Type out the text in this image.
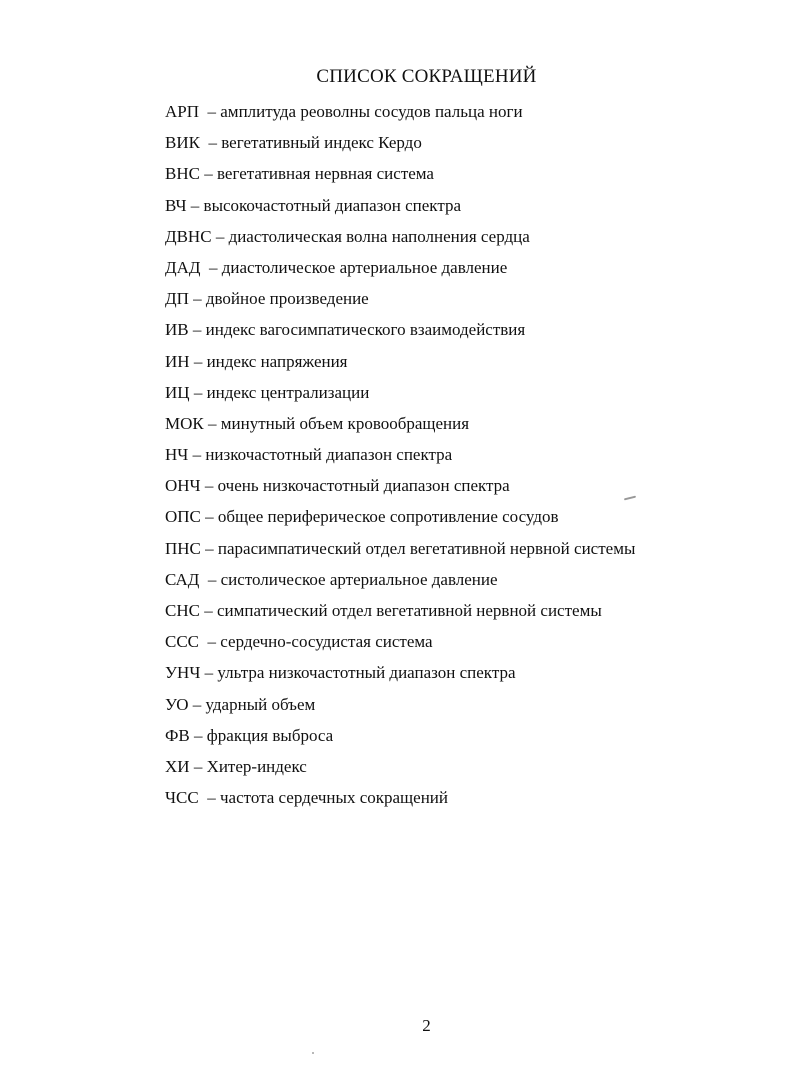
СПИСОК СОКРАЩЕНИЙ
АРП  – амплитуда реоволны сосудов пальца ноги
ВИК  – вегетативный индекс Кердо
ВНС – вегетативная нервная система
ВЧ – высокочастотный диапазон спектра
ДВНС – диастолическая волна наполнения сердца
ДАД  – диастолическое артериальное давление
ДП – двойное произведение
ИВ – индекс вагосимпатического взаимодействия
ИН – индекс напряжения
ИЦ – индекс централизации
МОК – минутный объем кровообращения
НЧ – низкочастотный диапазон спектра
ОНЧ – очень низкочастотный диапазон спектра
ОПС – общее периферическое сопротивление сосудов
ПНС – парасимпатический отдел вегетативной нервной системы
САД  – систолическое артериальное давление
СНС – симпатический отдел вегетативной нервной системы
ССС  – сердечно-сосудистая система
УНЧ – ультра низкочастотный диапазон спектра
УО – ударный объем
ФВ – фракция выброса
ХИ – Хитер-индекс
ЧСС  – частота сердечных сокращений
2
